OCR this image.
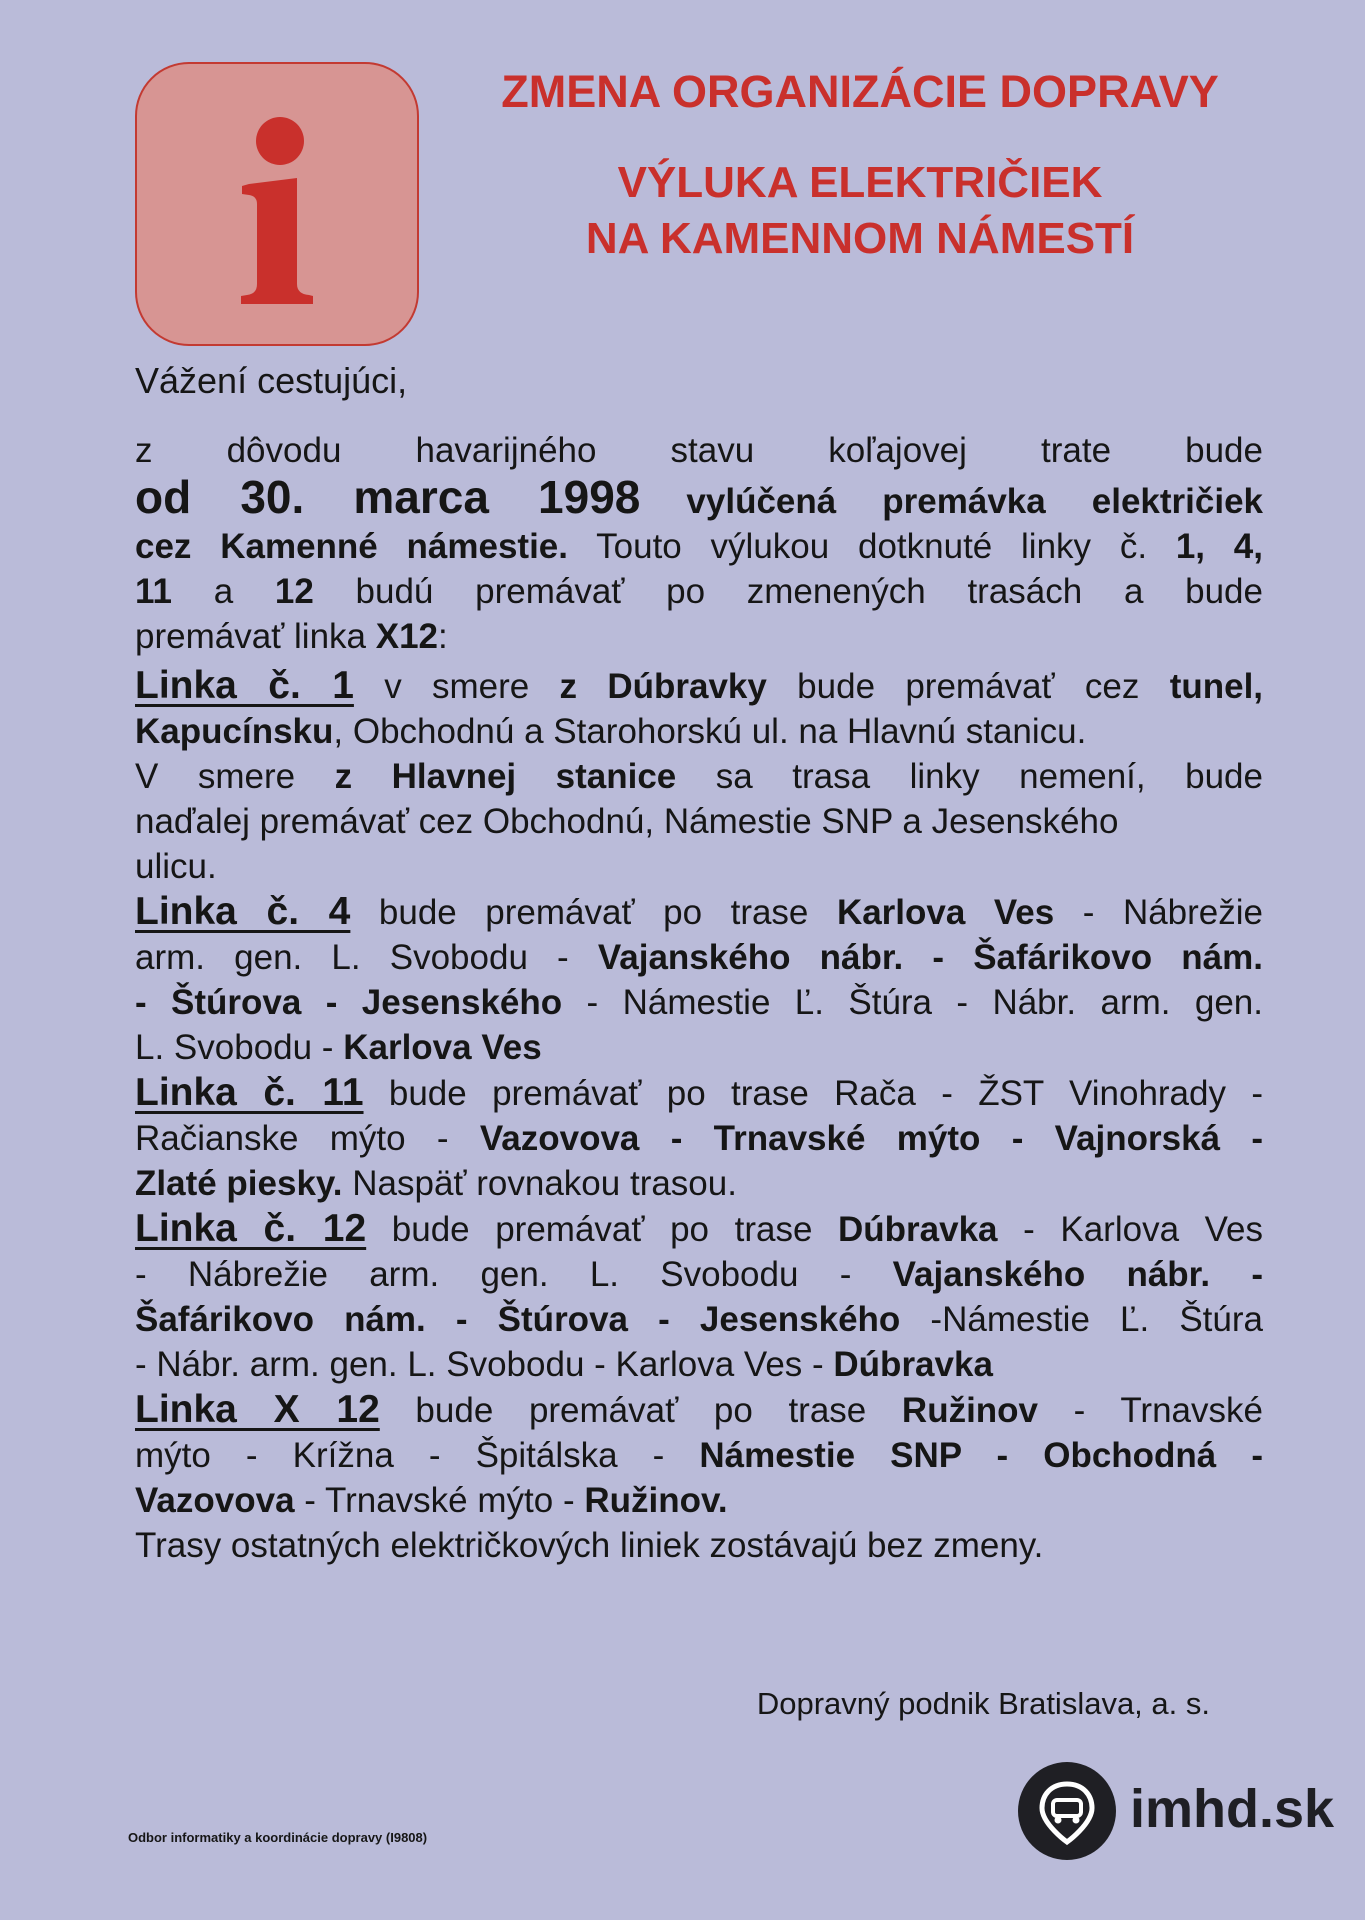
ZMENA ORGANIZÁCIE DOPRAVY
VÝLUKA ELEKTRIČIEK
NA KAMENNOM NÁMESTÍ
Vážení cestujúci,
z dôvodu havarijného stavu koľajovej trate bude
od 30. marca 1998 vylúčená premávka električiek
cez Kamenné námestie. Touto výlukou dotknuté linky č. 1, 4,
11 a 12 budú premávať po zmenených trasách a bude
premávať linka X12:
Linka č. 1 v smere z Dúbravky bude premávať cez tunel,
Kapucínsku, Obchodnú a Starohorskú ul. na Hlavnú stanicu.
V smere z Hlavnej stanice sa trasa linky nemení, bude
naďalej premávať cez Obchodnú, Námestie SNP a Jesenského
ulicu.
Linka č. 4 bude premávať po trase Karlova Ves - Nábrežie
arm. gen. L. Svobodu - Vajanského nábr. - Šafárikovo nám.
- Štúrova - Jesenského - Námestie Ľ. Štúra - Nábr. arm. gen.
L. Svobodu - Karlova Ves
Linka č. 11 bude premávať po trase Rača - ŽST Vinohrady -
Račianske mýto - Vazovova - Trnavské mýto - Vajnorská -
Zlaté piesky. Naspäť rovnakou trasou.
Linka č. 12 bude premávať po trase Dúbravka - Karlova Ves
- Nábrežie arm. gen. L. Svobodu - Vajanského nábr. -
Šafárikovo nám. - Štúrova - Jesenského -Námestie Ľ. Štúra
- Nábr. arm. gen. L. Svobodu - Karlova Ves - Dúbravka
Linka X 12 bude premávať po trase Ružinov - Trnavské
mýto - Krížna - Špitálska - Námestie SNP - Obchodná -
Vazovova - Trnavské mýto - Ružinov.
Trasy ostatných električkových liniek zostávajú bez zmeny.
Dopravný podnik Bratislava, a. s.
Odbor informatiky a koordinácie dopravy (I9808)	imhd.sk
